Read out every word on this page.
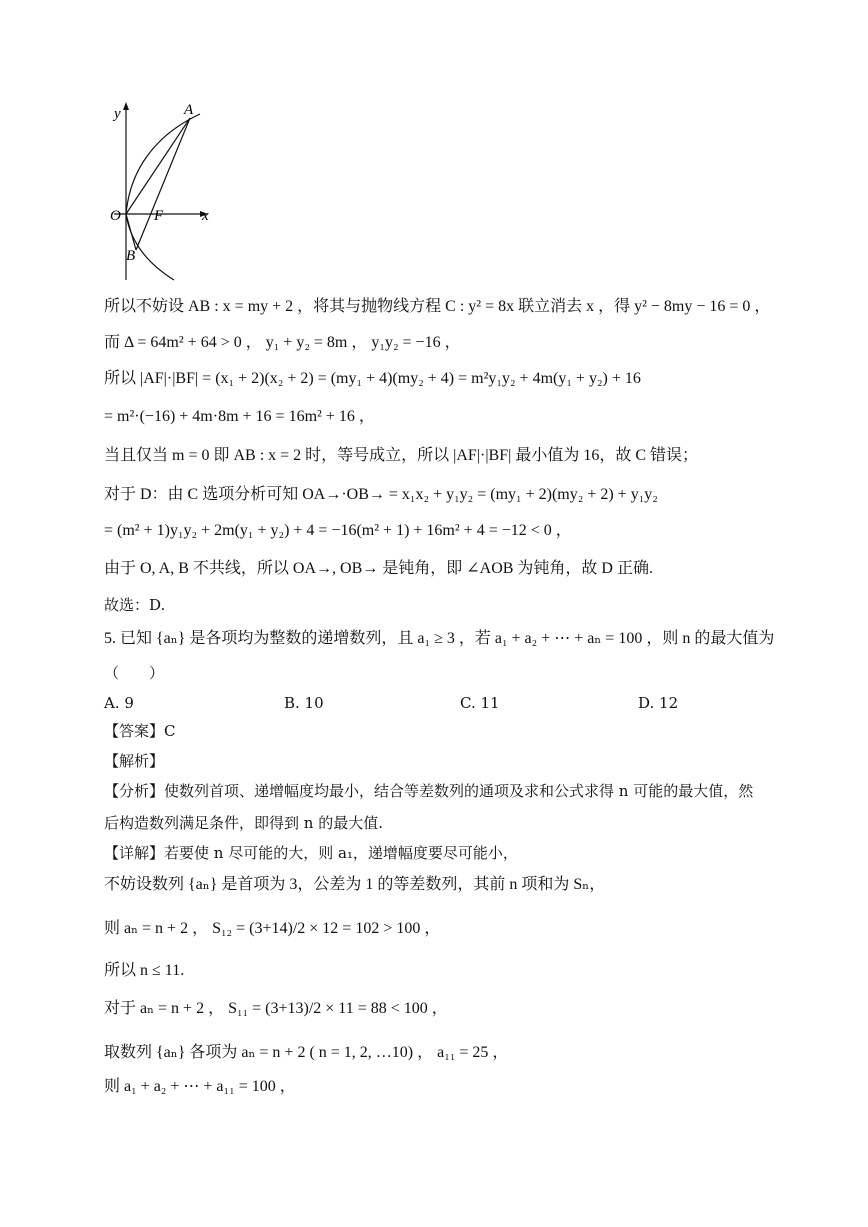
y	A
O F	x
B
所以不妨设 AB : x = my + 2 ，将其与抛物线方程 C : y² = 8x 联立消去 x ，得 y² − 8my − 16 = 0 ，
而 Δ = 64m² + 64 > 0 ， y₁ + y₂ = 8m ， y₁y₂ = −16 ，
所以 |AF|·|BF| = (x₁ + 2)(x₂ + 2) = (my₁ + 4)(my₂ + 4) = m²y₁y₂ + 4m(y₁ + y₂) + 16
= m²·(−16) + 4m·8m + 16 = 16m² + 16 ，
当且仅当 m = 0 即 AB : x = 2 时，等号成立，所以 |AF|·|BF| 最小值为 16，故 C 错误；
对于 D：由 C 选项分析可知 OA→·OB→ = x₁x₂ + y₁y₂ = (my₁ + 2)(my₂ + 2) + y₁y₂
= (m² + 1)y₁y₂ + 2m(y₁ + y₂) + 4 = −16(m² + 1) + 16m² + 4 = −12 < 0 ，
由于 O, A, B 不共线，所以 OA→, OB→ 是钝角，即 ∠AOB 为钝角，故 D 正确.
故选：D.
5. 已知 {aₙ} 是各项均为整数的递增数列，且 a₁ ≥ 3 ，若 a₁ + a₂ + ⋯ + aₙ = 100 ，则 n 的最大值为
（　　）
A. 9	B. 10	C. 11	D. 12
【答案】C
【解析】
【分析】使数列首项、递增幅度均最小，结合等差数列的通项及求和公式求得 n 可能的最大值，然
后构造数列满足条件，即得到 n 的最大值.
【详解】若要使 n 尽可能的大，则 a₁，递增幅度要尽可能小，
不妨设数列 {aₙ} 是首项为 3，公差为 1 的等差数列，其前 n 项和为 Sₙ，
则 aₙ = n + 2 ， S₁₂ = (3+14)/2 × 12 = 102 > 100 ，
所以 n ≤ 11.
对于 aₙ = n + 2 ， S₁₁ = (3+13)/2 × 11 = 88 < 100 ，
取数列 {aₙ} 各项为 aₙ = n + 2 ( n = 1, 2, …10) ， a₁₁ = 25 ，
则 a₁ + a₂ + ⋯ + a₁₁ = 100 ，
